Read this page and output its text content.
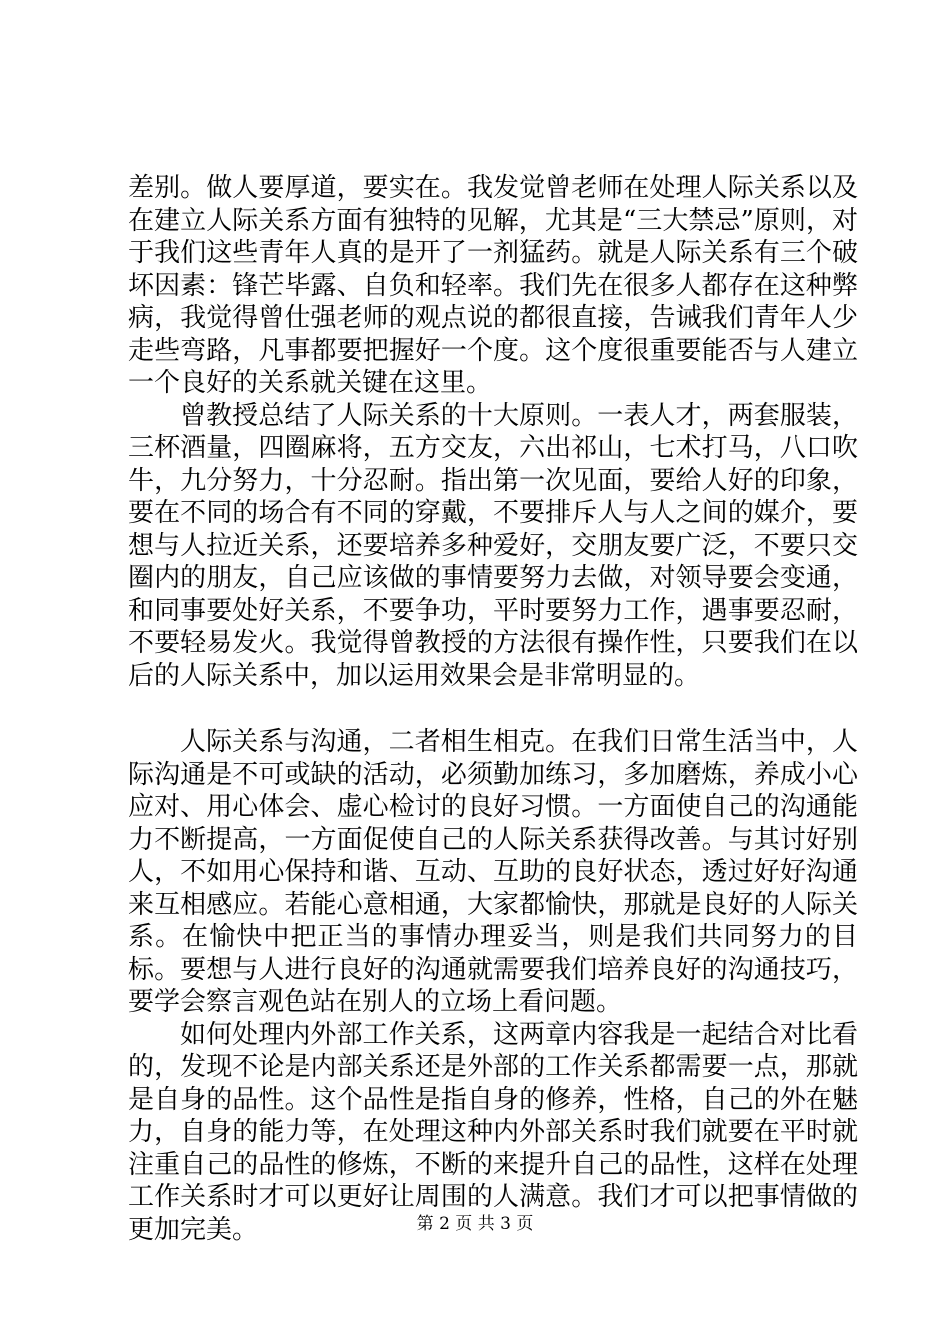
差别。做人要厚道，要实在。我发觉曾老师在处理人际关系以及在建立人际关系方面有独特的见解，尤其是“三大禁忌”原则，对于我们这些青年人真的是开了一剂猛药。就是人际关系有三个破坏因素：锋芒毕露、自负和轻率。我们先在很多人都存在这种弊病，我觉得曾仕强老师的观点说的都很直接，告诫我们青年人少走些弯路，凡事都要把握好一个度。这个度很重要能否与人建立一个良好的关系就关键在这里。

曾教授总结了人际关系的十大原则。一表人才，两套服装，三杯酒量，四圈麻将，五方交友，六出祁山，七术打马，八口吹牛，九分努力，十分忍耐。指出第一次见面，要给人好的印象，要在不同的场合有不同的穿戴，不要排斥人与人之间的媒介，要想与人拉近关系，还要培养多种爱好，交朋友要广泛，不要只交圈内的朋友，自己应该做的事情要努力去做，对领导要会变通，和同事要处好关系，不要争功，平时要努力工作，遇事要忍耐，不要轻易发火。我觉得曾教授的方法很有操作性，只要我们在以后的人际关系中，加以运用效果会是非常明显的。

人际关系与沟通，二者相生相克。在我们日常生活当中，人际沟通是不可或缺的活动，必须勤加练习，多加磨炼，养成小心应对、用心体会、虚心检讨的良好习惯。一方面使自己的沟通能力不断提高，一方面促使自己的人际关系获得改善。与其讨好别人，不如用心保持和谐、互动、互助的良好状态，透过好好沟通来互相感应。若能心意相通，大家都愉快，那就是良好的人际关系。在愉快中把正当的事情办理妥当，则是我们共同努力的目标。要想与人进行良好的沟通就需要我们培养良好的沟通技巧，要学会察言观色站在别人的立场上看问题。

如何处理内外部工作关系，这两章内容我是一起结合对比看的，发现不论是内部关系还是外部的工作关系都需要一点，那就是自身的品性。这个品性是指自身的修养，性格，自己的外在魅力，自身的能力等，在处理这种内外部关系时我们就要在平时就注重自己的品性的修炼，不断的来提升自己的品性，这样在处理工作关系时才可以更好让周围的人满意。我们才可以把事情做的更加完美。	第 2 页 共 3 页
